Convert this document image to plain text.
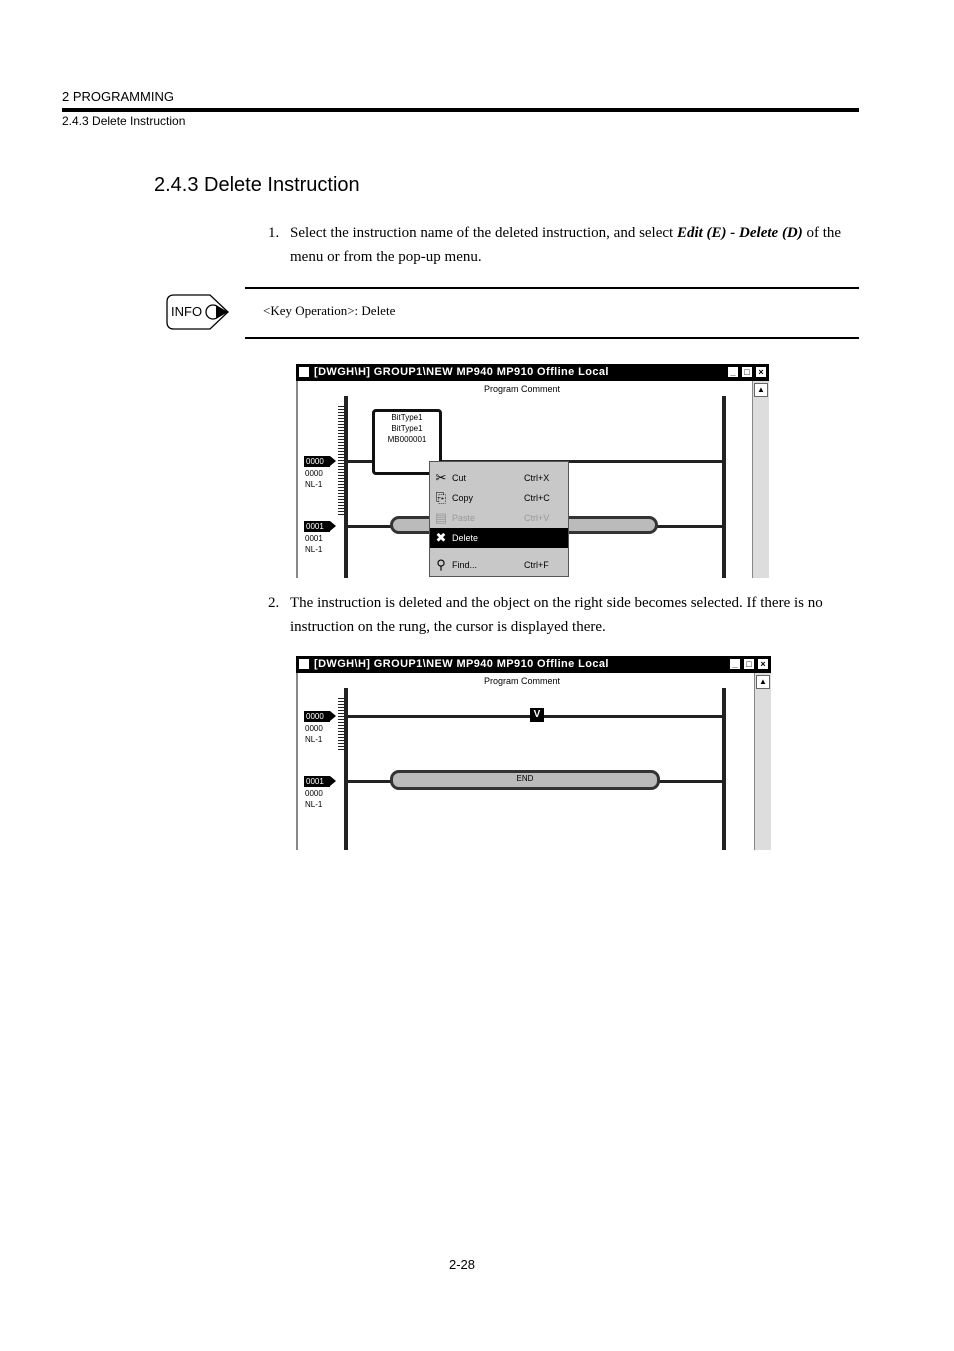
2 PROGRAMMING
2.4.3 Delete Instruction
2.4.3 Delete Instruction
1. Select the instruction name of the deleted instruction, and select Edit (E) - Delete (D) of the menu or from the pop-up menu.
INFO	<Key Operation>: Delete
[DWGH\H] GROUP1\NEW MP940 MP910 Offline Local	_ □ ×
Program Comment	▲
0000
0000
NL-1
BitType1
BitType1
MB000001
0001
0001
NL-1
✂ Cut	Ctrl+X
⎘ Copy	Ctrl+C
▤ Paste	Ctrl+V
✖ Delete
⚲ Find...	Ctrl+F
2. The instruction is deleted and the object on the right side becomes selected. If there is no instruction on the rung, the cursor is displayed there.
[DWGH\H] GROUP1\NEW MP940 MP910 Offline Local	_ □ ×
Program Comment	▲
0000
0000
NL-1
V
0001
0000
NL-1
END
2-28
